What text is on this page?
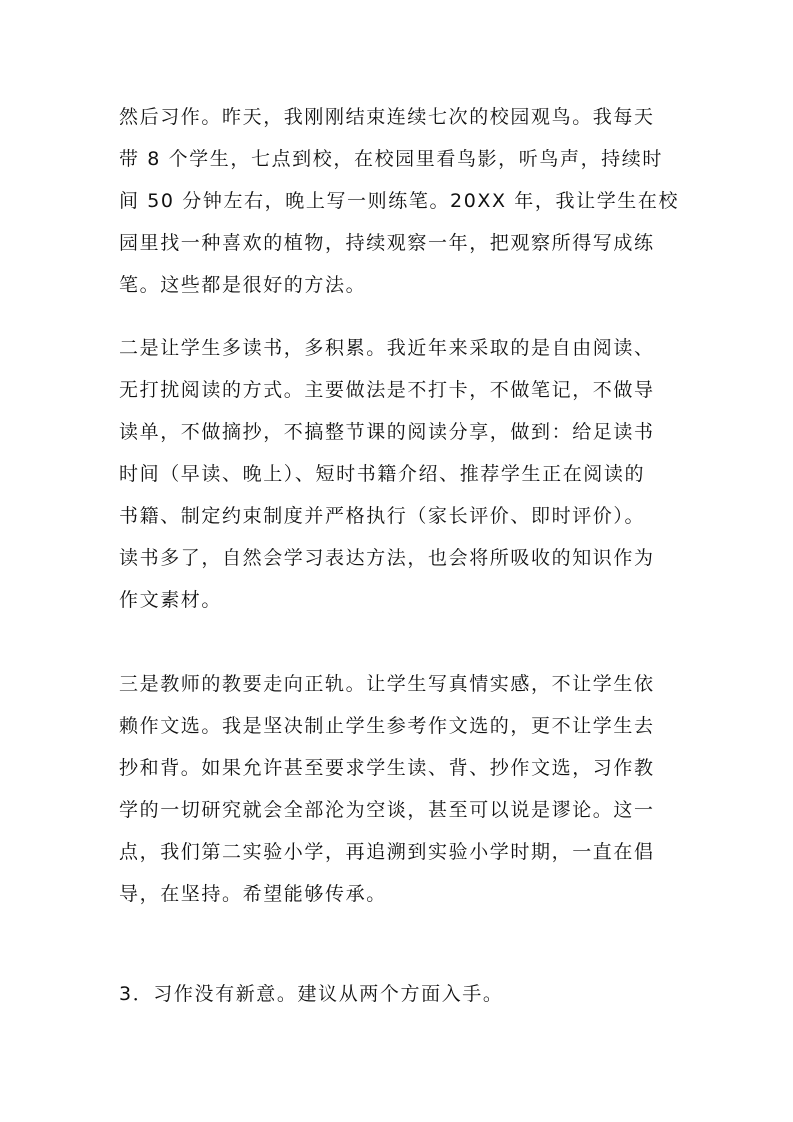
然后习作。昨天，我刚刚结束连续七次的校园观鸟。我每天
带 8 个学生，七点到校，在校园里看鸟影，听鸟声，持续时
间 50 分钟左右，晚上写一则练笔。20XX 年，我让学生在校
园里找一种喜欢的植物，持续观察一年，把观察所得写成练
笔。这些都是很好的方法。
二是让学生多读书，多积累。我近年来采取的是自由阅读、
无打扰阅读的方式。主要做法是不打卡，不做笔记，不做导
读单，不做摘抄，不搞整节课的阅读分享，做到：给足读书
时间（早读、晚上）、短时书籍介绍、推荐学生正在阅读的
书籍、制定约束制度并严格执行（家长评价、即时评价）。
读书多了，自然会学习表达方法，也会将所吸收的知识作为
作文素材。
三是教师的教要走向正轨。让学生写真情实感，不让学生依
赖作文选。我是坚决制止学生参考作文选的，更不让学生去
抄和背。如果允许甚至要求学生读、背、抄作文选，习作教
学的一切研究就会全部沦为空谈，甚至可以说是谬论。这一
点，我们第二实验小学，再追溯到实验小学时期，一直在倡
导，在坚持。希望能够传承。
3．习作没有新意。建议从两个方面入手。
